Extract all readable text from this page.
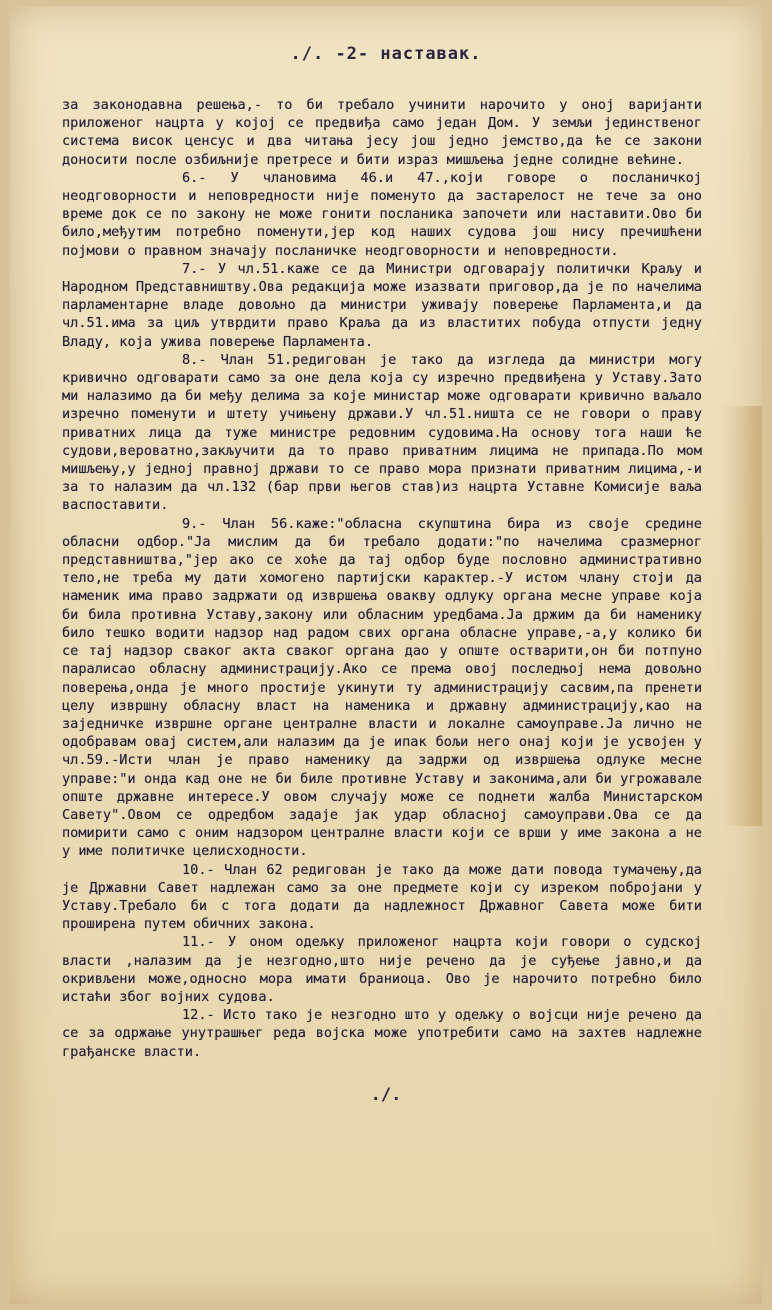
./. -2- наставак.

за законодавна решења,- то би требало учинити нарочито у оној варијанти приложеног нацрта у којој се предвиђа само један Дом. У земљи јединственог система висок ценсус и два читања јесу још једно јемство,да ће се закони доносити после озбиљније претресе и бити израз мишљења једне солидне већине.

6.- У члановима 46.и 47.,који говоре о посланичкој неодговорности и неповредности није поменуто да застарелост не тече за оно време док се по закону не може гонити посланика започети или наставити.Ово би било,међутим потребно поменути,јер код наших судова још нису пречишћени појмови о правном значају посланичке неодговорности и неповредности.

7.- У чл.51.каже се да Министри одговарају политички Краљу и Народном Представништву.Ова редакција може изазвати приговор,да је по начелима парламентарне владе довољно да министри уживају поверење Парламента,и да чл.51.има за циљ утврдити право Краља да из властитих побуда отпусти једну Владу, која ужива поверење Парламента.

8.- Члан 51.редигован је тако да изгледа да министри могу кривично одговарати само за оне дела која су изречно предвиђена у Уставу.Зато ми налазимо да би међу делима за које министар може одговарати кривично ваљало изречно поменути и штету учињену држави.У чл.51.ништа се не говори о праву приватних лица да туже министре редовним судовима.На основу тога наши ће судови,вероватно,закључити да то право приватним лицима не припада.По мом мишљењу,у једној правној држави то се право мора признати приватним лицима,-и за то налазим да чл.132 (бар први његов став)из нацрта Уставне Комисије ваља васпоставити.

9.- Члан 56.каже:"обласна скупштина бира из своје средине обласни одбор."Ја мислим да би требало додати:"по начелима сразмерног представништва,"јер ако се хоће да тај одбор буде пословно административно тело,не треба му дати хомогено партијски карактер.-У истом члану стоји да наменик има право задржати од извршења овакву одлуку органа месне управе која би била противна Уставу,закону или обласним уредбама.Ја држим да би наменику било тешко водити надзор над радом свих органа обласне управе,-а,у колико би се тај надзор сваког акта сваког органа дао у опште остварити,он би потпуно паралисао обласну администрацију.Ако се према овој последњој нема довољно поверења,онда је много простије укинути ту администрацију сасвим,па пренети целу извршну обласну власт на наменика и државну администрацију,као на заједничке извршне органе централне власти и локалне самоуправе.Ја лично не одобравам овај систем,али налазим да је ипак бољи него онај који је усвојен у чл.59.-Исти члан је право наменику да задржи од извршења одлуке месне управе:"и онда кад оне не би биле противне Уставу и законима,али би угрожавале опште државне интересе.У овом случају може се поднети жалба Министарском Савету".Овом се одредбом задаје јак удар обласној самоуправи.Ова се да помирити само с оним надзором централне власти који се врши у име закона а не у име политичке целисходности.

10.- Члан 62 редигован је тако да може дати повода тумачењу,да је Државни Савет надлежан само за оне предмете који су изреком побројани у Уставу.Требало би с тога додати да надлежност Државног Савета може бити проширена путем обичних закона.

11.- У оном одељку приложеног нацрта који говори о судској власти ,налазим да је незгодно,што није речено да је суђење јавно,и да окривљени може,односно мора имати браниоца. Ово је нарочито потребно било истаћи због војних судова.

12.- Исто тако је незгодно што у одељку о војсци није речено да се за одржање унутрашњег реда војска може употребити само на захтев надлежне грађанске власти.

./.
